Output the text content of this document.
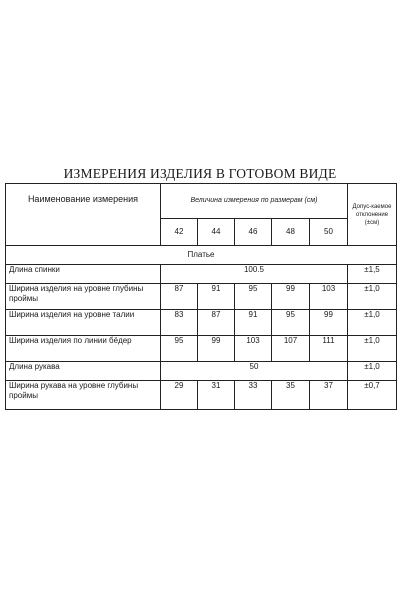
ИЗМЕРЕНИЯ ИЗДЕЛИЯ В ГОТОВОМ ВИДЕ
Наименование измерения	Величина измерения по размерам (см)					Допус-каемое отклонение (±см)
	42	44	46	48	50	
Платье						
Длина спинки	100.5					±1,5
Ширина изделия на уровне глубины проймы	87	91	95	99	103	±1,0
Ширина изделия на уровне талии	83	87	91	95	99	±1,0
Ширина изделия по линии бёдер	95	99	103	107	111	±1,0
Длина рукава	50					±1,0
Ширина рукава на уровне глубины проймы	29	31	33	35	37	±0,7
